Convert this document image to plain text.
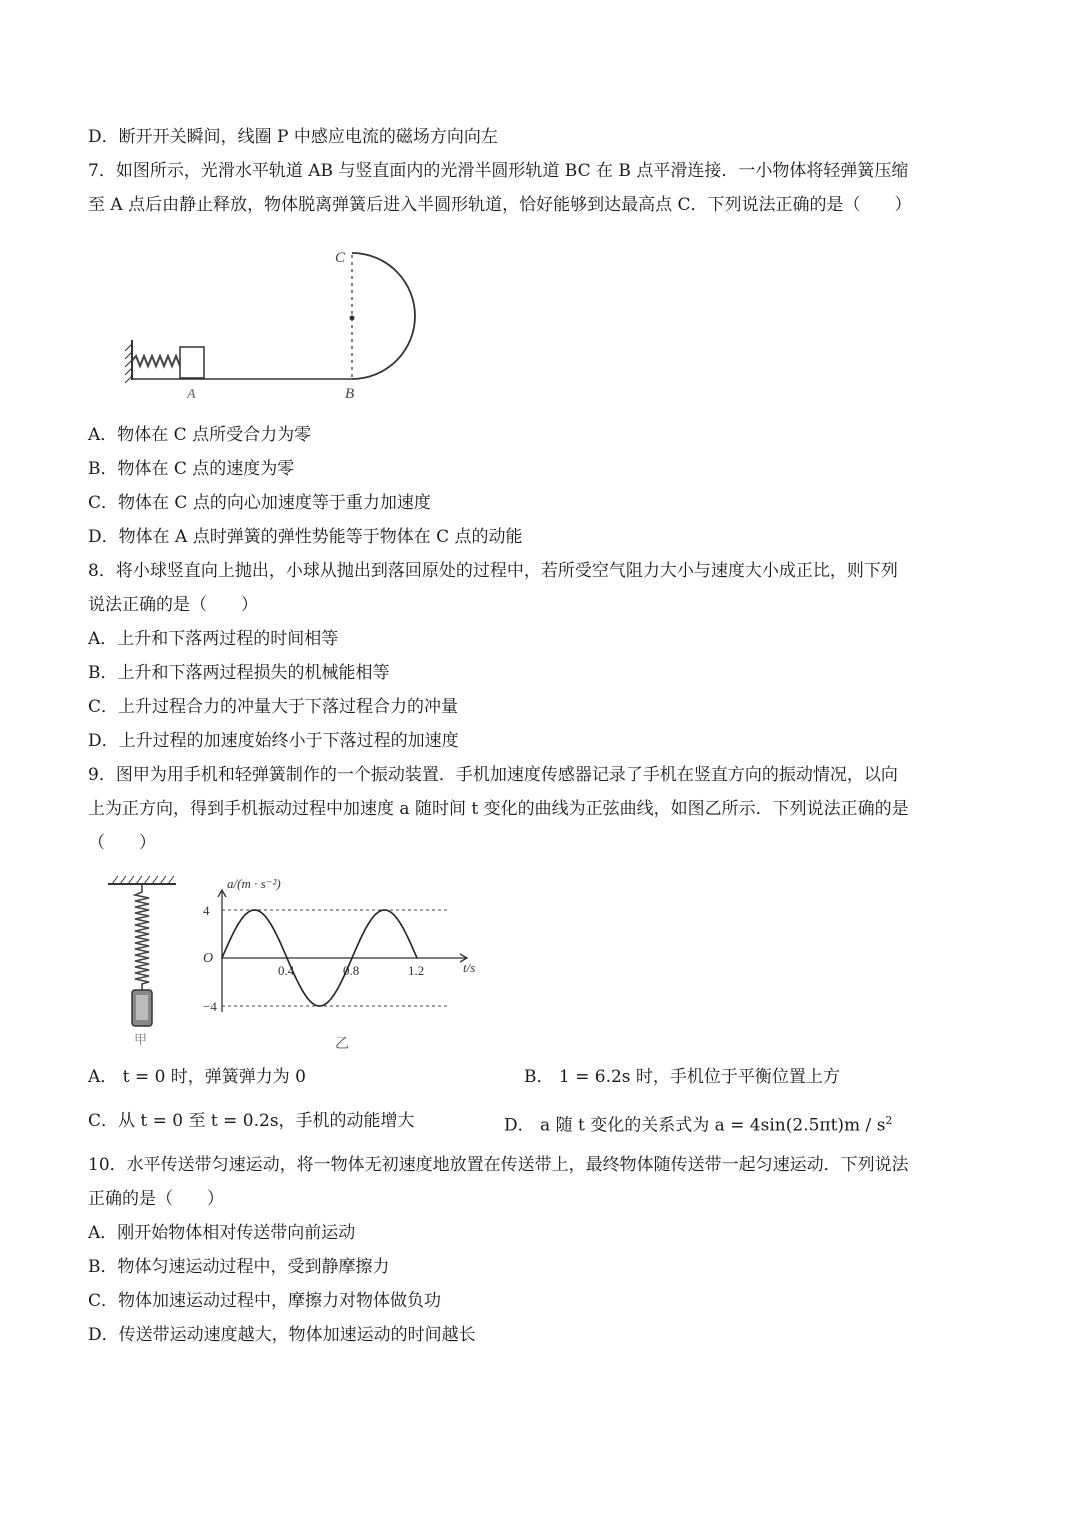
D．断开开关瞬间，线圈 P 中感应电流的磁场方向向左
7．如图所示，光滑水平轨道 AB 与竖直面内的光滑半圆形轨道 BC 在 B 点平滑连接．一小物体将轻弹簧压缩
至 A 点后由静止释放，物体脱离弹簧后进入半圆形轨道，恰好能够到达最高点 C．下列说法正确的是（　　）
C
A	B
A．物体在 C 点所受合力为零
B．物体在 C 点的速度为零
C．物体在 C 点的向心加速度等于重力加速度
D．物体在 A 点时弹簧的弹性势能等于物体在 C 点的动能
8．将小球竖直向上抛出，小球从抛出到落回原处的过程中，若所受空气阻力大小与速度大小成正比，则下列
说法正确的是（　　）
A．上升和下落两过程的时间相等
B．上升和下落两过程损失的机械能相等
C．上升过程合力的冲量大于下落过程合力的冲量
D．上升过程的加速度始终小于下落过程的加速度
9．图甲为用手机和轻弹簧制作的一个振动装置．手机加速度传感器记录了手机在竖直方向的振动情况，以向
上为正方向，得到手机振动过程中加速度 a 随时间 t 变化的曲线为正弦曲线，如图乙所示．下列说法正确的是
（　　）
甲
a/(m · s⁻²)
t/s
O
乙
4
−4
0.4	0.8	1.2
A． t = 0 时，弹簧弹力为 0	B． 1 = 6.2s 时，手机位于平衡位置上方
C．从 t = 0 至 t = 0.2s，手机的动能增大	D． a 随 t 变化的关系式为 $a = 4\sin(2.5\pi t)m / s^2$
10．水平传送带匀速运动，将一物体无初速度地放置在传送带上，最终物体随传送带一起匀速运动．下列说法
正确的是（　　）
A．刚开始物体相对传送带向前运动
B．物体匀速运动过程中，受到静摩擦力
C．物体加速运动过程中，摩擦力对物体做负功
D．传送带运动速度越大，物体加速运动的时间越长
